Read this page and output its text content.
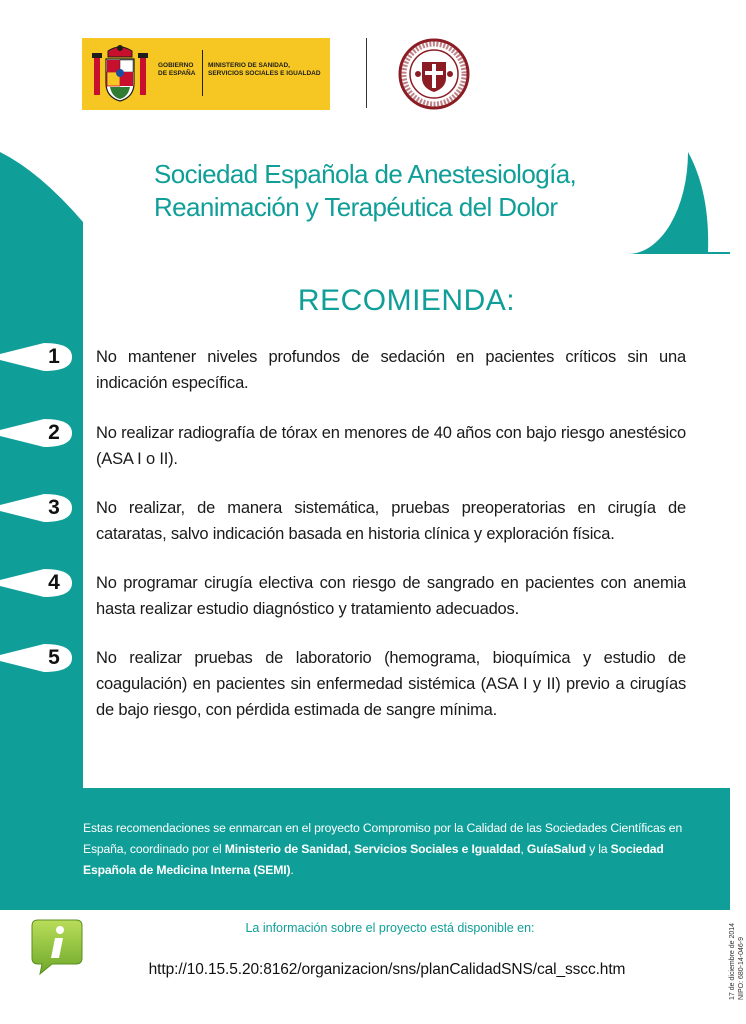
GOBIERNO DE ESPAÑA
MINISTERIO DE SANIDAD, SERVICIOS SOCIALES E IGUALDAD
Sociedad Española de Anestesiología,
Reanimación y Terapéutica del Dolor
RECOMIENDA:
1	No mantener niveles profundos de sedación en pacientes críticos sin una indicación específica.
2	No realizar radiografía de tórax en menores de 40 años con bajo riesgo anestésico (ASA I o II).
3	No realizar, de manera sistemática, pruebas preoperatorias en cirugía de cataratas, salvo indicación basada en historia clínica y exploración física.
4	No programar cirugía electiva con riesgo de sangrado en pacientes con anemia hasta realizar estudio diagnóstico y tratamiento adecuados.
5	No realizar pruebas de laboratorio (hemograma, bioquímica y estudio de coagulación) en pacientes sin enfermedad sistémica (ASA I y II) previo a cirugías de bajo riesgo, con pérdida estimada de sangre mínima.
Estas recomendaciones se enmarcan en el proyecto Compromiso por la Calidad de las Sociedades Científicas en España, coordinado por el Ministerio de Sanidad, Servicios Sociales e Igualdad, GuíaSalud y la Sociedad Española de Medicina Interna (SEMI).
La información sobre el proyecto está disponible en:
http://10.15.5.20:8162/organizacion/sns/planCalidadSNS/cal_sscc.htm	17 de diciembre de 2014 NIPO: 680-14-046-9
